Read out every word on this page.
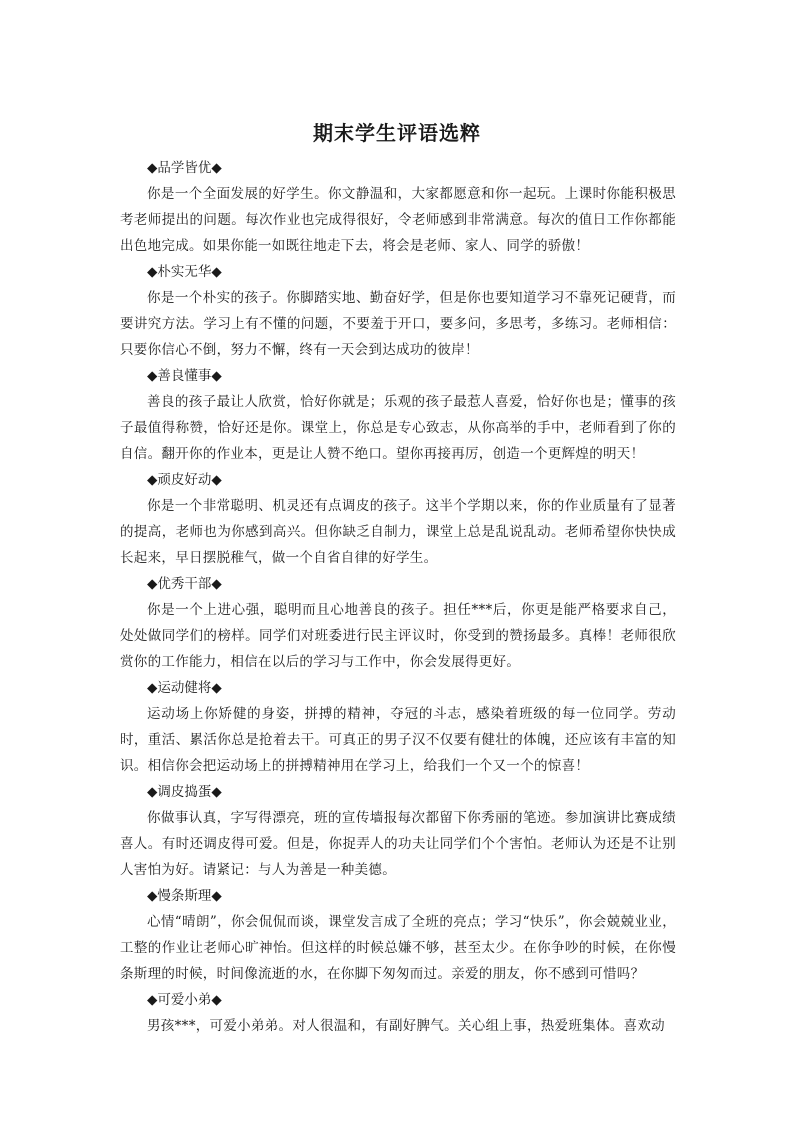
期末学生评语选粹

◆品学皆优◆

你是一个全面发展的好学生。你文静温和，大家都愿意和你一起玩。上课时你能积极思考老师提出的问题。每次作业也完成得很好，令老师感到非常满意。每次的值日工作你都能出色地完成。如果你能一如既往地走下去，将会是老师、家人、同学的骄傲！

◆朴实无华◆

你是一个朴实的孩子。你脚踏实地、勤奋好学，但是你也要知道学习不靠死记硬背，而要讲究方法。学习上有不懂的问题，不要羞于开口，要多问，多思考，多练习。老师相信：只要你信心不倒，努力不懈，终有一天会到达成功的彼岸！

◆善良懂事◆

善良的孩子最让人欣赏，恰好你就是；乐观的孩子最惹人喜爱，恰好你也是；懂事的孩子最值得称赞，恰好还是你。课堂上，你总是专心致志，从你高举的手中，老师看到了你的自信。翻开你的作业本，更是让人赞不绝口。望你再接再厉，创造一个更辉煌的明天！

◆顽皮好动◆

你是一个非常聪明、机灵还有点调皮的孩子。这半个学期以来，你的作业质量有了显著的提高，老师也为你感到高兴。但你缺乏自制力，课堂上总是乱说乱动。老师希望你快快成长起来，早日摆脱稚气，做一个自省自律的好学生。

◆优秀干部◆

你是一个上进心强，聪明而且心地善良的孩子。担任***后，你更是能严格要求自己，处处做同学们的榜样。同学们对班委进行民主评议时，你受到的赞扬最多。真棒！老师很欣赏你的工作能力，相信在以后的学习与工作中，你会发展得更好。

◆运动健将◆

运动场上你矫健的身姿，拼搏的精神，夺冠的斗志，感染着班级的每一位同学。劳动时，重活、累活你总是抢着去干。可真正的男子汉不仅要有健壮的体魄，还应该有丰富的知识。相信你会把运动场上的拼搏精神用在学习上，给我们一个又一个的惊喜！

◆调皮捣蛋◆

你做事认真，字写得漂亮，班的宣传墙报每次都留下你秀丽的笔迹。参加演讲比赛成绩喜人。有时还调皮得可爱。但是，你捉弄人的功夫让同学们个个害怕。老师认为还是不让别人害怕为好。请紧记：与人为善是一种美德。

◆慢条斯理◆

心情“晴朗”，你会侃侃而谈，课堂发言成了全班的亮点；学习“快乐”，你会兢兢业业，工整的作业让老师心旷神怡。但这样的时候总嫌不够，甚至太少。在你争吵的时候，在你慢条斯理的时候，时间像流逝的水，在你脚下匆匆而过。亲爱的朋友，你不感到可惜吗？

◆可爱小弟◆

男孩***，可爱小弟弟。对人很温和，有副好脾气。关心组上事，热爱班集体。喜欢动
